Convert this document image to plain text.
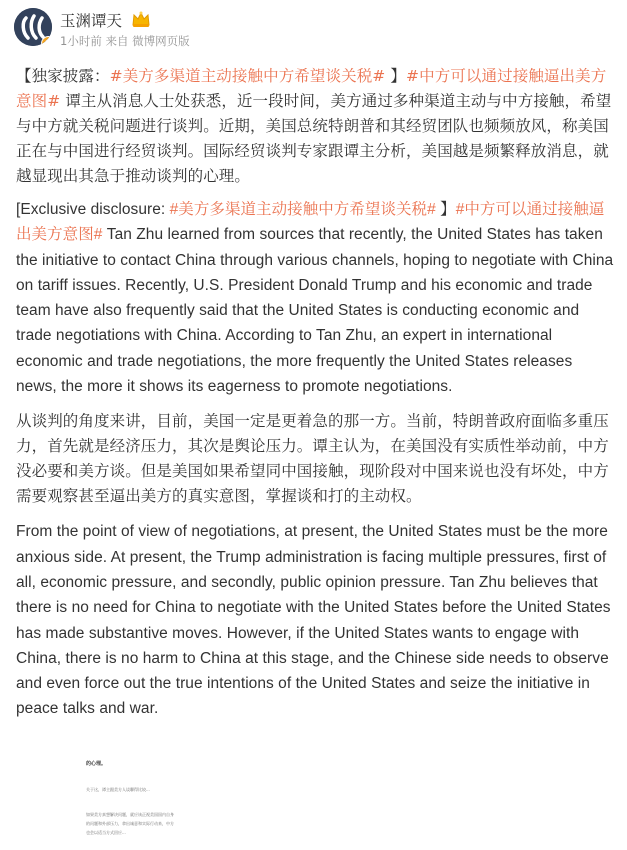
v
玉渊谭天
1小时前 来自 微博网页版

【独家披露：#美方多渠道主动接触中方希望谈关税# 】#中方可以通过接触逼出美方意图# 谭主从消息人士处获悉，近一段时间，美方通过多种渠道主动与中方接触，希望与中方就关税问题进行谈判。近期，美国总统特朗普和其经贸团队也频频放风，称美国正在与中国进行经贸谈判。国际经贸谈判专家跟谭主分析，美国越是频繁释放消息，就越显现出其急于推动谈判的心理。

[Exclusive disclosure: #美方多渠道主动接触中方希望谈关税# 】#中方可以通过接触逼出美方意图# Tan Zhu learned from sources that recently, the United States has taken the initiative to contact China through various channels, hoping to negotiate with China on tariff issues. Recently, U.S. President Donald Trump and his economic and trade team have also frequently said that the United States is conducting economic and trade negotiations with China. According to Tan Zhu, an expert in international economic and trade negotiations, the more frequently the United States releases news, the more it shows its eagerness to promote negotiations.

从谈判的角度来讲，目前，美国一定是更着急的那一方。当前，特朗普政府面临多重压力，首先就是经济压力，其次是舆论压力。谭主认为，在美国没有实质性举动前，中方没必要和美方谈。但是美国如果希望同中国接触，现阶段对中国来说也没有坏处，中方需要观察甚至逼出美方的真实意图，掌握谈和打的主动权。

From the point of view of negotiations, at present, the United States must be the more anxious side. At present, the Trump administration is facing multiple pressures, first of all, economic pressure, and secondly, public opinion pressure. Tan Zhu believes that there is no need for China to negotiate with the United States before the United States has made substantive moves. However, if the United States wants to engage with China, there is no harm to China at this stage, and the Chinese side needs to observe and even force out the true intentions of the United States and seize the initiative in peace talks and war.

的心理。
关于这，谭主跟美方人谈聊得比较...
如果美方真想解决问题，就应该正视美国国内自身的问题和外部压力，拿出诚意和实际行动来，中方也会以适当方式回应...
